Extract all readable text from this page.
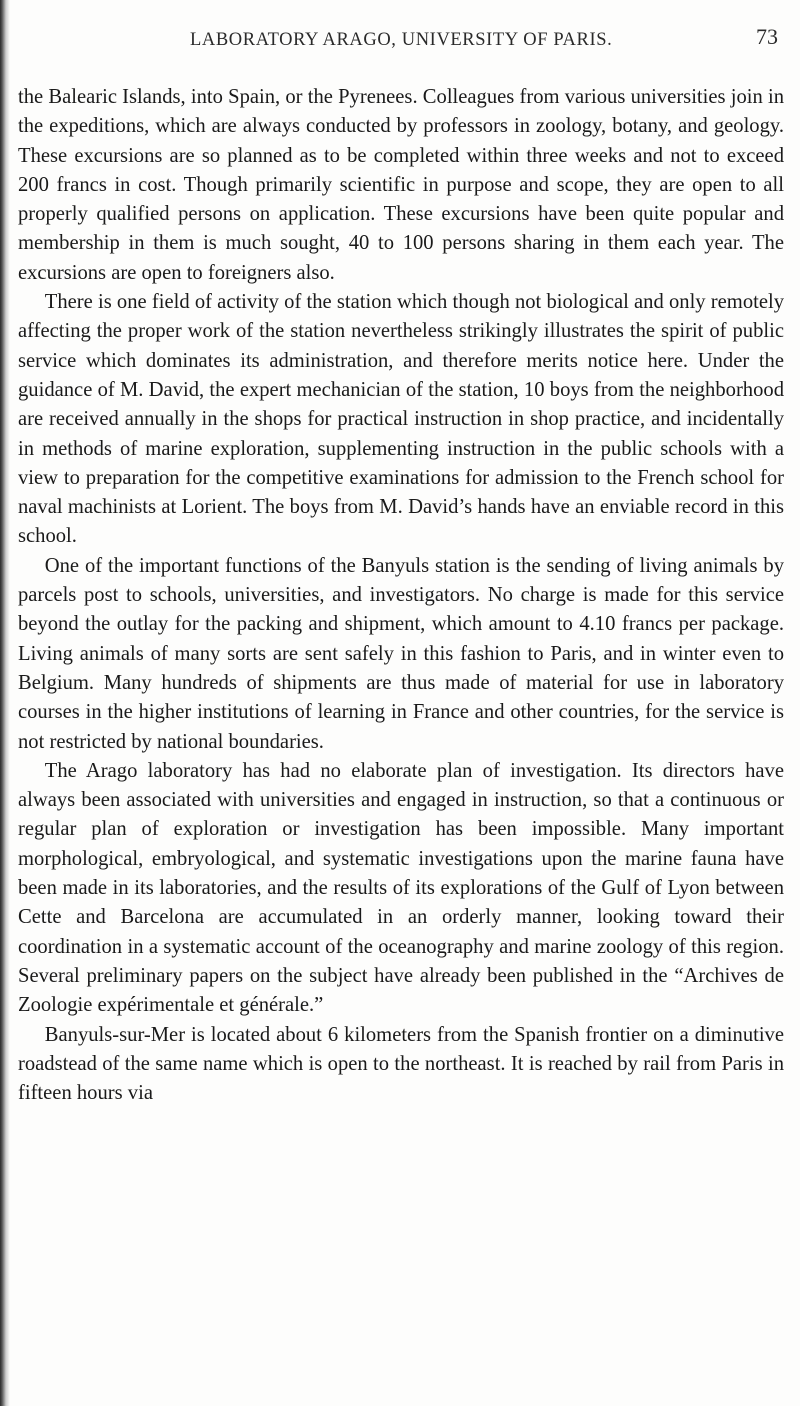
LABORATORY ARAGO, UNIVERSITY OF PARIS.	73

the Balearic Islands, into Spain, or the Pyrenees. Colleagues from various universities join in the expeditions, which are always conducted by professors in zoology, botany, and geology. These excursions are so planned as to be completed within three weeks and not to exceed 200 francs in cost. Though primarily scientific in purpose and scope, they are open to all properly qualified persons on application. These excursions have been quite popular and membership in them is much sought, 40 to 100 persons sharing in them each year. The excursions are open to foreigners also.

There is one field of activity of the station which though not biological and only remotely affecting the proper work of the station nevertheless strikingly illustrates the spirit of public service which dominates its administration, and therefore merits notice here. Under the guidance of M. David, the expert mechanician of the station, 10 boys from the neighborhood are received annually in the shops for practical instruction in shop practice, and incidentally in methods of marine exploration, supplementing instruction in the public schools with a view to preparation for the competitive examinations for admission to the French school for naval machinists at Lorient. The boys from M. David’s hands have an enviable record in this school.

One of the important functions of the Banyuls station is the sending of living animals by parcels post to schools, universities, and investigators. No charge is made for this service beyond the outlay for the packing and shipment, which amount to 4.10 francs per package. Living animals of many sorts are sent safely in this fashion to Paris, and in winter even to Belgium. Many hundreds of shipments are thus made of material for use in laboratory courses in the higher institutions of learning in France and other countries, for the service is not restricted by national boundaries.

The Arago laboratory has had no elaborate plan of investigation. Its directors have always been associated with universities and engaged in instruction, so that a continuous or regular plan of exploration or investigation has been impossible. Many important morphological, embryological, and systematic investigations upon the marine fauna have been made in its laboratories, and the results of its explorations of the Gulf of Lyon between Cette and Barcelona are accumulated in an orderly manner, looking toward their coordination in a systematic account of the oceanography and marine zoology of this region. Several preliminary papers on the subject have already been published in the “Archives de Zoologie expérimentale et générale.”

Banyuls-sur-Mer is located about 6 kilometers from the Spanish frontier on a diminutive roadstead of the same name which is open to the northeast. It is reached by rail from Paris in fifteen hours via
